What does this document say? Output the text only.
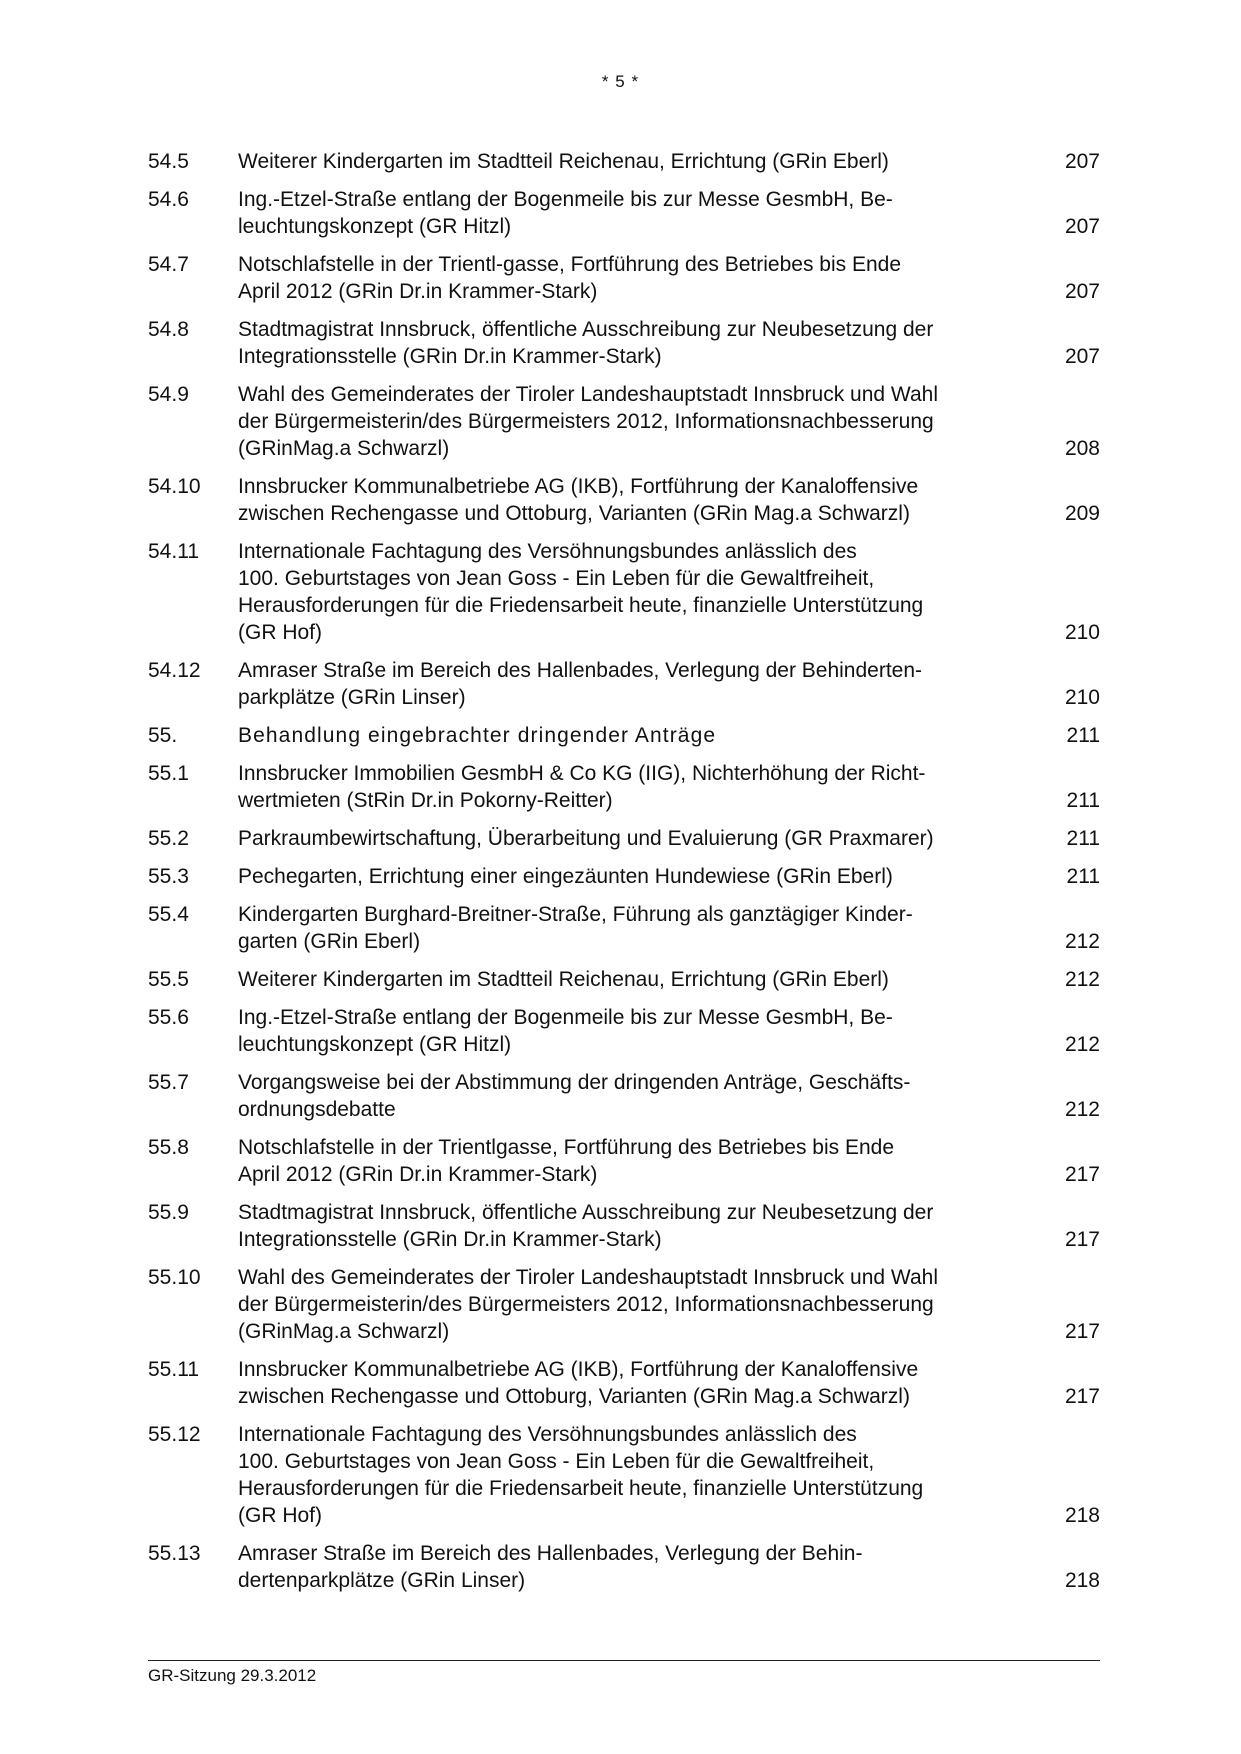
* 5 *
54.5	Weiterer Kindergarten im Stadtteil Reichenau, Errichtung (GRin Eberl)	207
54.6	Ing.-Etzel-Straße entlang der Bogenmeile bis zur Messe GesmbH, Be-
leuchtungskonzept (GR Hitzl)	207
54.7	Notschlafstelle in der Trientl-gasse, Fortführung des Betriebes bis Ende
April 2012 (GRin Dr.in Krammer-Stark)	207
54.8	Stadtmagistrat Innsbruck, öffentliche Ausschreibung zur Neubesetzung der
Integrationsstelle (GRin Dr.in Krammer-Stark)	207
54.9	Wahl des Gemeinderates der Tiroler Landeshauptstadt Innsbruck und Wahl
der Bürgermeisterin/des Bürgermeisters 2012, Informationsnachbesserung
(GRinMag.a Schwarzl)	208
54.10	Innsbrucker Kommunalbetriebe AG (IKB), Fortführung der Kanaloffensive
zwischen Rechengasse und Ottoburg, Varianten (GRin Mag.a Schwarzl)	209
54.11	Internationale Fachtagung des Versöhnungsbundes anlässlich des
100. Geburtstages von Jean Goss - Ein Leben für die Gewaltfreiheit,
Herausforderungen für die Friedensarbeit heute, finanzielle Unterstützung
(GR Hof)	210
54.12	Amraser Straße im Bereich des Hallenbades, Verlegung der Behinderten-
parkplätze (GRin Linser)	210
55.	Behandlung eingebrachter dringender Anträge	211
55.1	Innsbrucker Immobilien GesmbH & Co KG (IIG), Nichterhöhung der Richt-
wertmieten (StRin Dr.in Pokorny-Reitter)	211
55.2	Parkraumbewirtschaftung, Überarbeitung und Evaluierung (GR Praxmarer)	211
55.3	Pechegarten, Errichtung einer eingezäunten Hundewiese (GRin Eberl)	211
55.4	Kindergarten Burghard-Breitner-Straße, Führung als ganztägiger Kinder-
garten (GRin Eberl)	212
55.5	Weiterer Kindergarten im Stadtteil Reichenau, Errichtung (GRin Eberl)	212
55.6	Ing.-Etzel-Straße entlang der Bogenmeile bis zur Messe GesmbH, Be-
leuchtungskonzept (GR Hitzl)	212
55.7	Vorgangsweise bei der Abstimmung der dringenden Anträge, Geschäfts-
ordnungsdebatte	212
55.8	Notschlafstelle in der Trientlgasse, Fortführung des Betriebes bis Ende
April 2012 (GRin Dr.in Krammer-Stark)	217
55.9	Stadtmagistrat Innsbruck, öffentliche Ausschreibung zur Neubesetzung der
Integrationsstelle (GRin Dr.in Krammer-Stark)	217
55.10	Wahl des Gemeinderates der Tiroler Landeshauptstadt Innsbruck und Wahl
der Bürgermeisterin/des Bürgermeisters 2012, Informationsnachbesserung
(GRinMag.a Schwarzl)	217
55.11	Innsbrucker Kommunalbetriebe AG (IKB), Fortführung der Kanaloffensive
zwischen Rechengasse und Ottoburg, Varianten (GRin Mag.a Schwarzl)	217
55.12	Internationale Fachtagung des Versöhnungsbundes anlässlich des
100. Geburtstages von Jean Goss - Ein Leben für die Gewaltfreiheit,
Herausforderungen für die Friedensarbeit heute, finanzielle Unterstützung
(GR Hof)	218
55.13	Amraser Straße im Bereich des Hallenbades, Verlegung der Behin-
dertenparkplätze (GRin Linser)	218
GR-Sitzung 29.3.2012
